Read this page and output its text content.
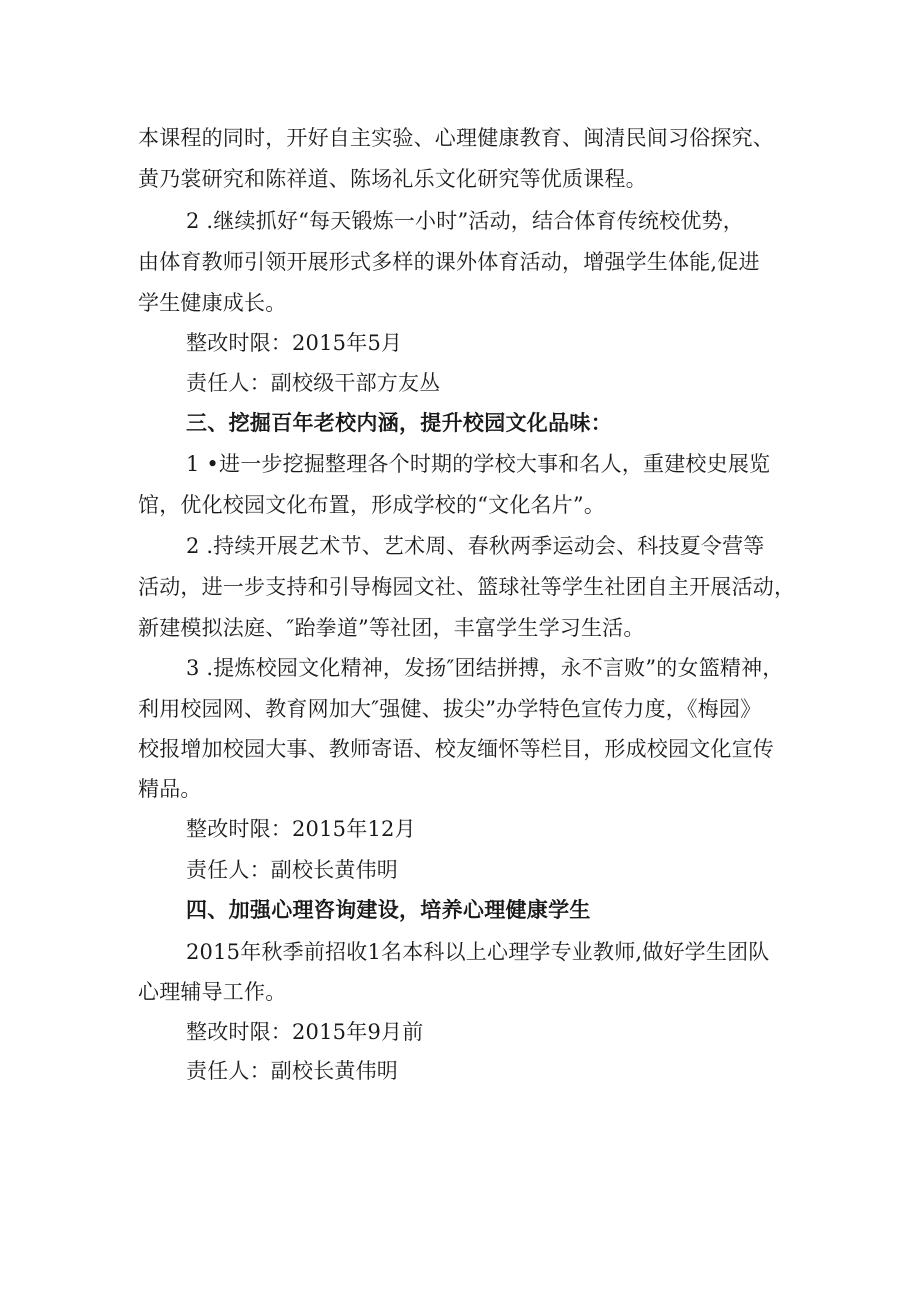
本课程的同时，开好自主实验、心理健康教育、闽清民间习俗探究、
黄乃裳研究和陈祥道、陈场礼乐文化研究等优质课程。
2 .继续抓好“每天锻炼一小时”活动，结合体育传统校优势，
由体育教师引领开展形式多样的课外体育活动，增强学生体能,促进
学生健康成长。
整改时限：2015年5月
责任人：副校级干部方友丛
三、挖掘百年老校内涵，提升校园文化品味：
1 •进一步挖掘整理各个时期的学校大事和名人，重建校史展览
馆，优化校园文化布置，形成学校的“文化名片”。
2 .持续开展艺术节、艺术周、春秋两季运动会、科技夏令营等
活动，进一步支持和引导梅园文社、篮球社等学生社团自主开展活动，
新建模拟法庭、″跆拳道”等社团，丰富学生学习生活。
3 .提炼校园文化精神，发扬″团结拼搏，永不言败”的女篮精神，
利用校园网、教育网加大″强健、拔尖”办学特色宣传力度，《梅园》
校报增加校园大事、教师寄语、校友缅怀等栏目，形成校园文化宣传
精品。
整改时限：2015年12月
责任人：副校长黄伟明
四、加强心理咨询建设，培养心理健康学生
2015年秋季前招收1名本科以上心理学专业教师,做好学生团队
心理辅导工作。
整改时限：2015年9月前
责任人：副校长黄伟明
